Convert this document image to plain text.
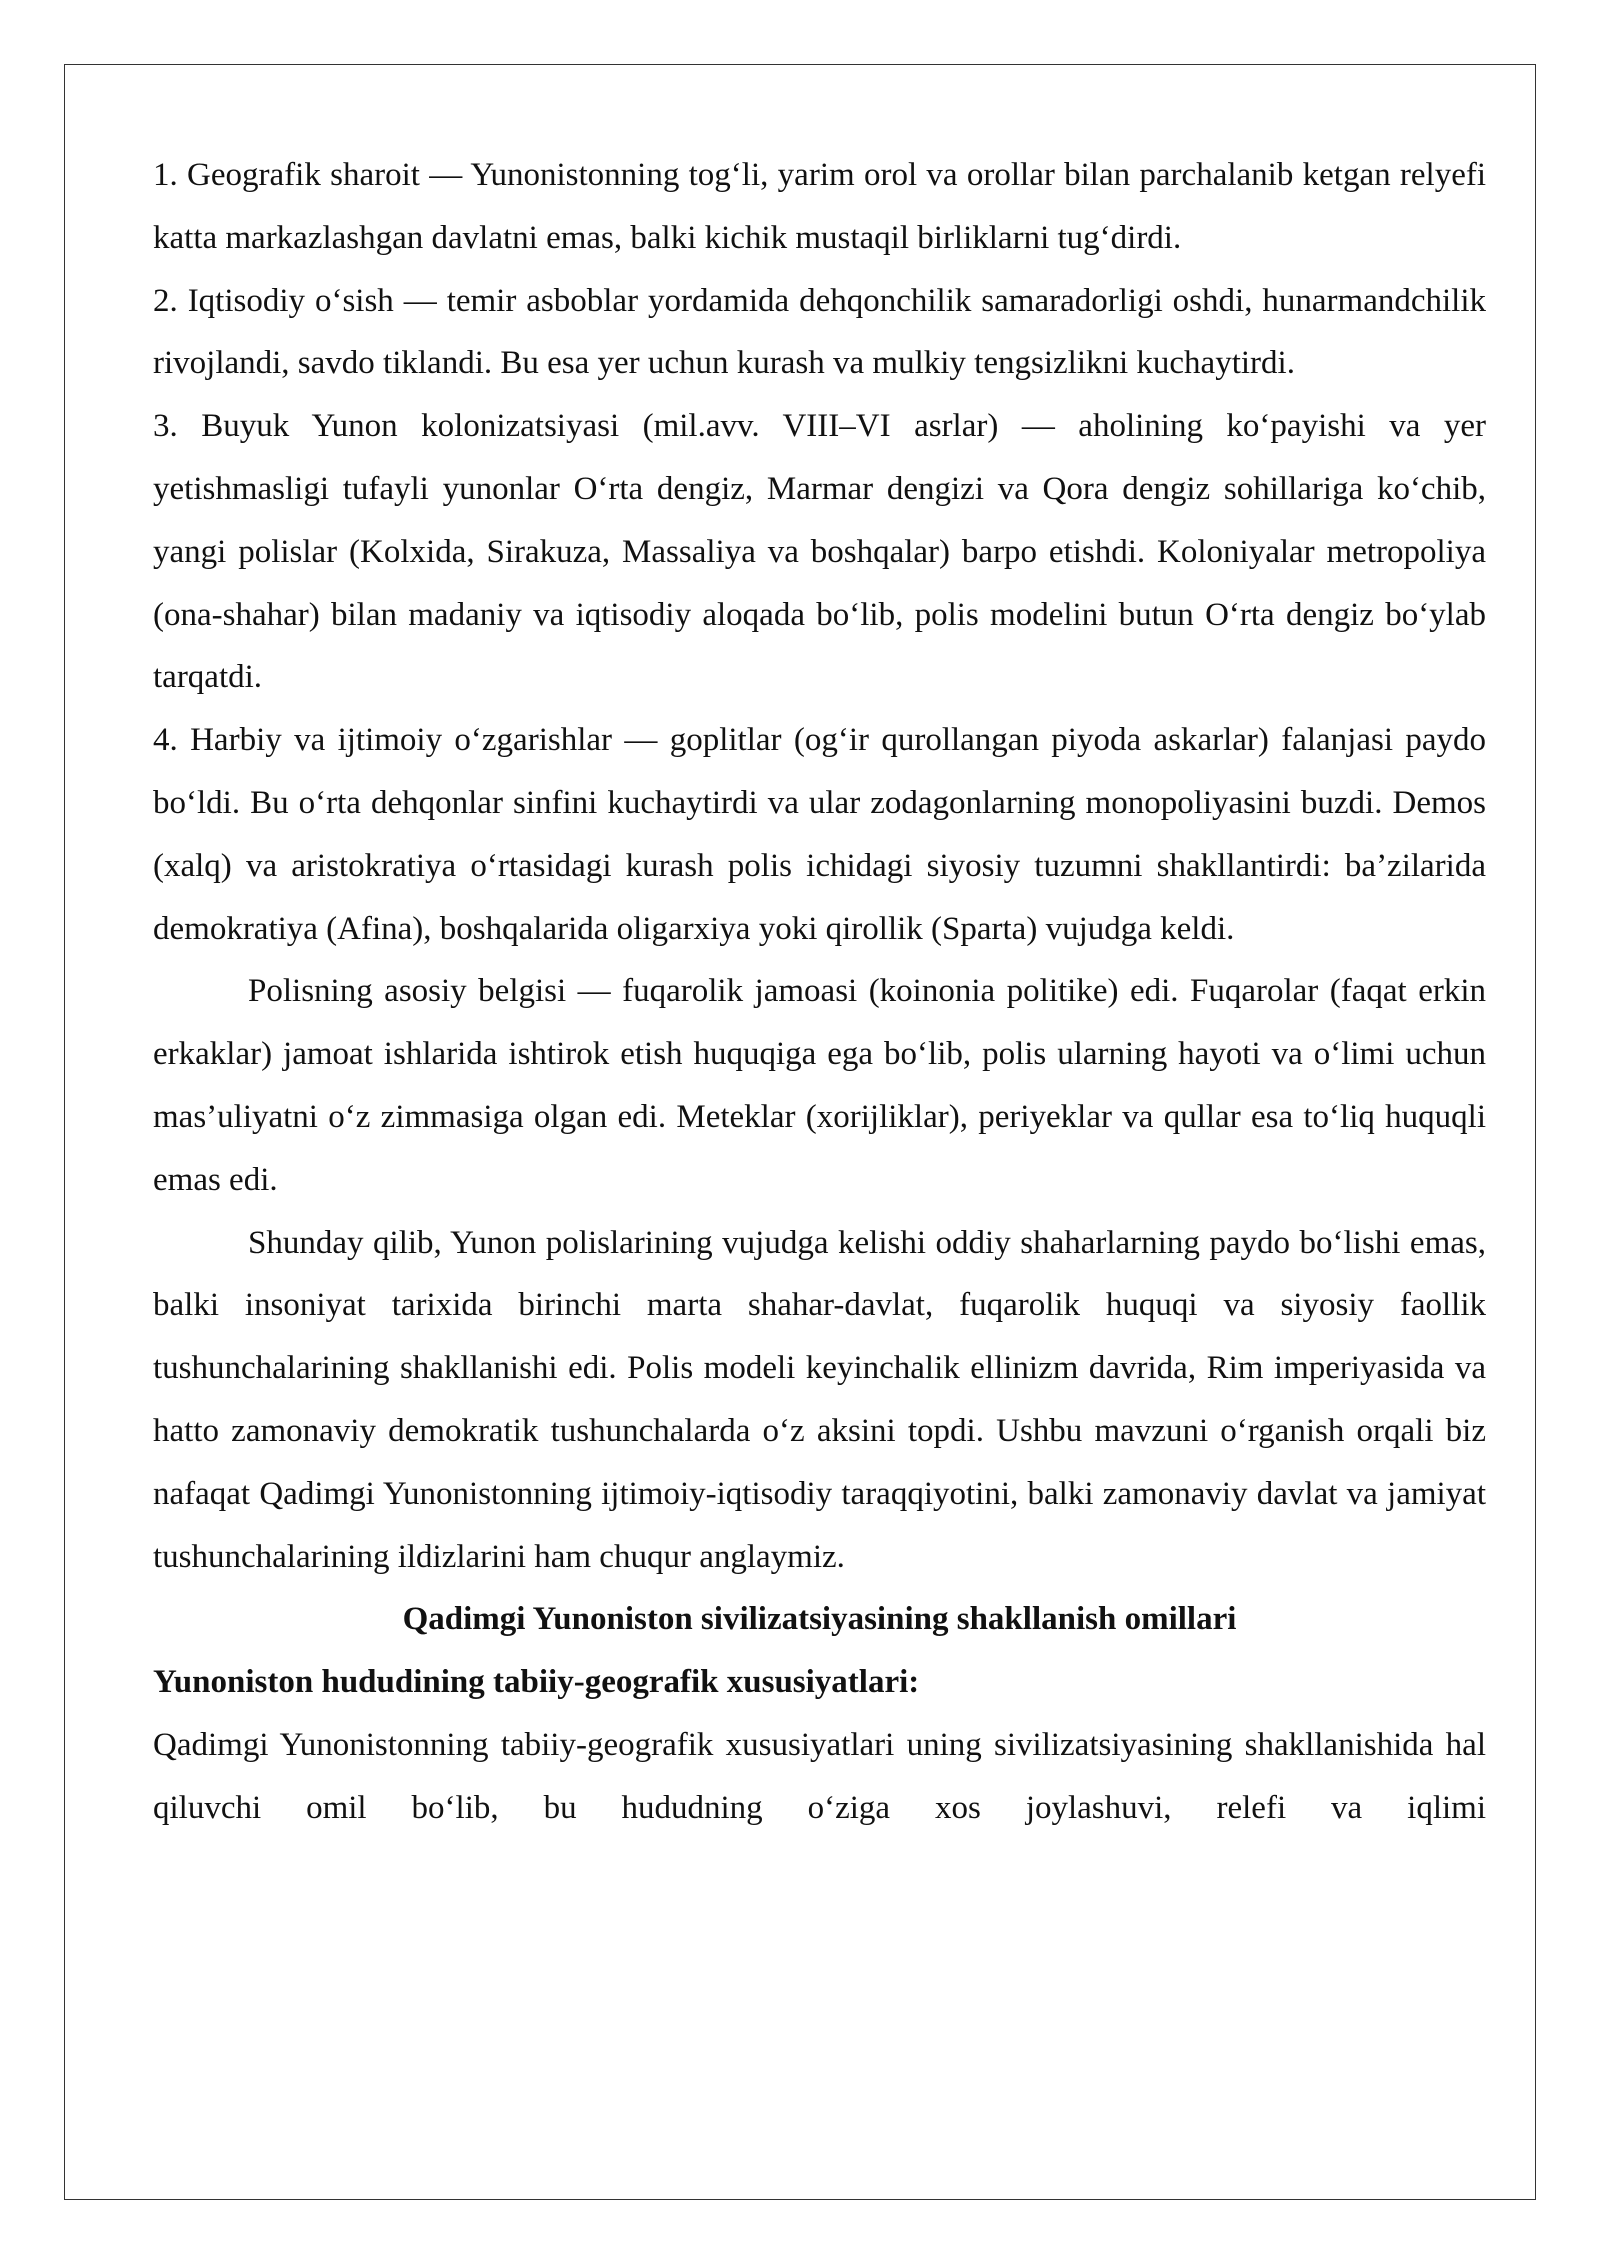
1. Geografik sharoit — Yunonistonning tog‘li, yarim orol va orollar bilan parchalanib ketgan relyefi katta markazlashgan davlatni emas, balki kichik mustaqil birliklarni tug‘dirdi.

2. Iqtisodiy o‘sish — temir asboblar yordamida dehqonchilik samaradorligi oshdi, hunarmandchilik rivojlandi, savdo tiklandi. Bu esa yer uchun kurash va mulkiy tengsizlikni kuchaytirdi.

3. Buyuk Yunon kolonizatsiyasi (mil.avv. VIII–VI asrlar) — aholining ko‘payishi va yer yetishmasligi tufayli yunonlar O‘rta dengiz, Marmar dengizi va Qora dengiz sohillariga ko‘chib, yangi polislar (Kolxida, Sirakuza, Massaliya va boshqalar) barpo etishdi. Koloniyalar metropoliya (ona-shahar) bilan madaniy va iqtisodiy aloqada bo‘lib, polis modelini butun O‘rta dengiz bo‘ylab tarqatdi.

4. Harbiy va ijtimoiy o‘zgarishlar — goplitlar (og‘ir qurollangan piyoda askarlar) falanjasi paydo bo‘ldi. Bu o‘rta dehqonlar sinfini kuchaytirdi va ular zodagonlarning monopoliyasini buzdi. Demos (xalq) va aristokratiya o‘rtasidagi kurash polis ichidagi siyosiy tuzumni shakllantirdi: ba’zilarida demokratiya (Afina), boshqalarida oligarxiya yoki qirollik (Sparta) vujudga keldi.

Polisning asosiy belgisi — fuqarolik jamoasi (koinonia politike) edi. Fuqarolar (faqat erkin erkaklar) jamoat ishlarida ishtirok etish huquqiga ega bo‘lib, polis ularning hayoti va o‘limi uchun mas’uliyatni o‘z zimmasiga olgan edi. Meteklar (xorijliklar), periyeklar va qullar esa to‘liq huquqli emas edi.

Shunday qilib, Yunon polislarining vujudga kelishi oddiy shaharlarning paydo bo‘lishi emas, balki insoniyat tarixida birinchi marta shahar-davlat, fuqarolik huquqi va siyosiy faollik tushunchalarining shakllanishi edi. Polis modeli keyinchalik ellinizm davrida, Rim imperiyasida va hatto zamonaviy demokratik tushunchalarda o‘z aksini topdi. Ushbu mavzuni o‘rganish orqali biz nafaqat Qadimgi Yunonistonning ijtimoiy-iqtisodiy taraqqiyotini, balki zamonaviy davlat va jamiyat tushunchalarining ildizlarini ham chuqur anglaymiz.

Qadimgi Yunoniston sivilizatsiyasining shakllanish omillari
Yunoniston hududining tabiiy-geografik xususiyatlari:

Qadimgi Yunonistonning tabiiy-geografik xususiyatlari uning sivilizatsiyasining shakllanishida hal qiluvchi omil bo‘lib, bu hududning o‘ziga xos joylashuvi, relefi va iqlimi
